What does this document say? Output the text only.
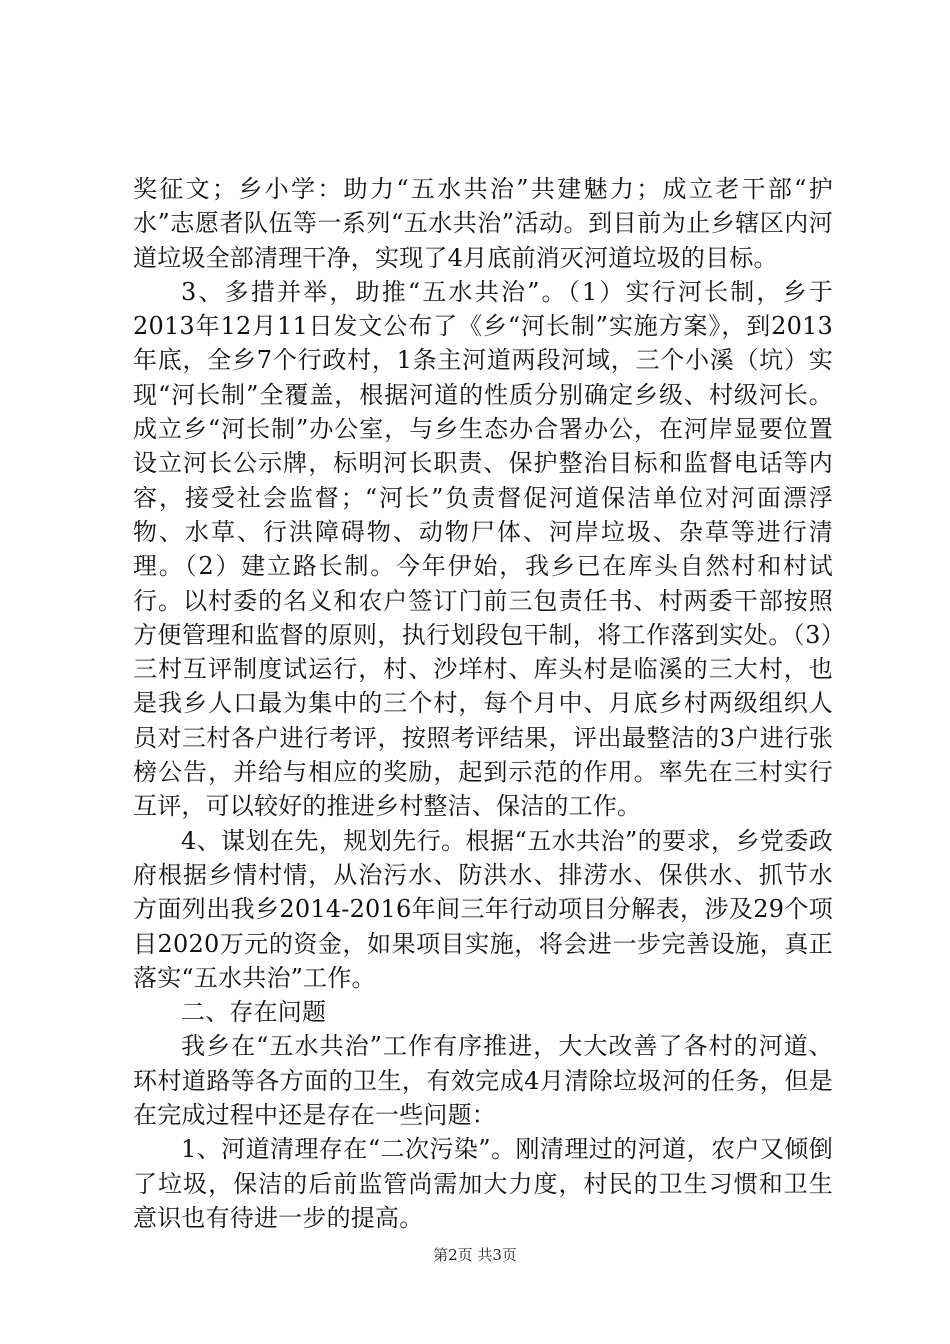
奖征文；乡小学：助力“五水共治”共建魅力；成立老干部“护水”志愿者队伍等一系列“五水共治”活动。到目前为止乡辖区内河道垃圾全部清理干净，实现了4月底前消灭河道垃圾的目标。

3、多措并举，助推“五水共治”。（1）实行河长制，乡于2013年12月11日发文公布了《乡“河长制”实施方案》，到2013年底，全乡7个行政村，1条主河道两段河域，三个小溪（坑）实现“河长制”全覆盖，根据河道的性质分别确定乡级、村级河长。成立乡“河长制”办公室，与乡生态办合署办公，在河岸显要位置设立河长公示牌，标明河长职责、保护整治目标和监督电话等内容，接受社会监督；“河长”负责督促河道保洁单位对河面漂浮物、水草、行洪障碍物、动物尸体、河岸垃圾、杂草等进行清理。（2）建立路长制。今年伊始，我乡已在库头自然村和村试行。以村委的名义和农户签订门前三包责任书、村两委干部按照方便管理和监督的原则，执行划段包干制，将工作落到实处。（3）三村互评制度试运行，村、沙垟村、库头村是临溪的三大村，也是我乡人口最为集中的三个村，每个月中、月底乡村两级组织人员对三村各户进行考评，按照考评结果，评出最整洁的3户进行张榜公告，并给与相应的奖励，起到示范的作用。率先在三村实行互评，可以较好的推进乡村整洁、保洁的工作。

4、谋划在先，规划先行。根据“五水共治”的要求，乡党委政府根据乡情村情，从治污水、防洪水、排涝水、保供水、抓节水方面列出我乡2014-2016年间三年行动项目分解表，涉及29个项目2020万元的资金，如果项目实施，将会进一步完善设施，真正落实“五水共治”工作。

二、存在问题

我乡在“五水共治”工作有序推进，大大改善了各村的河道、环村道路等各方面的卫生，有效完成4月清除垃圾河的任务，但是在完成过程中还是存在一些问题：

1、河道清理存在“二次污染”。刚清理过的河道，农户又倾倒了垃圾，保洁的后前监管尚需加大力度，村民的卫生习惯和卫生意识也有待进一步的提高。

第2页 共3页
